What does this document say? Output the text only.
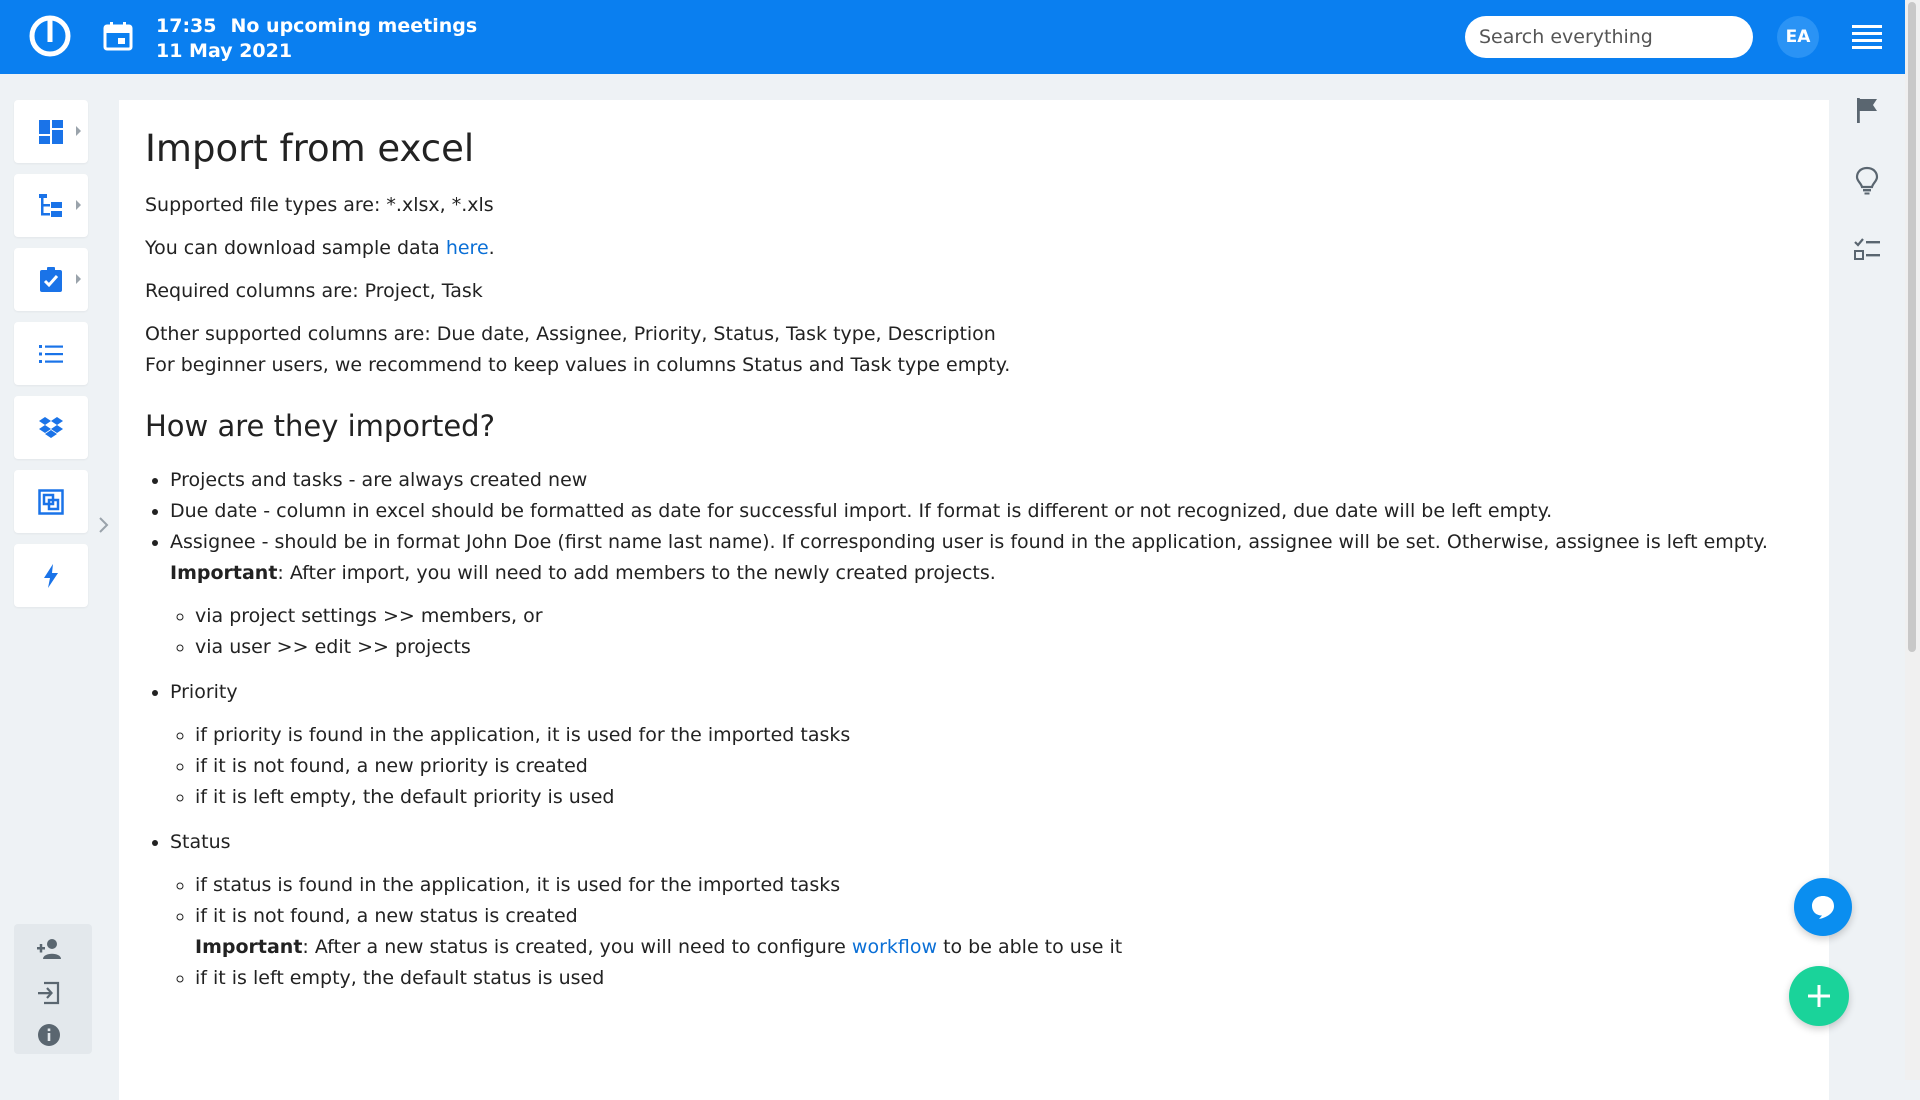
17:35 No upcoming meetings
11 May 2021
Search everything
EA
Import from excel

Supported file types are: *.xlsx, *.xls

You can download sample data here.

Required columns are: Project, Task

Other supported columns are: Due date, Assignee, Priority, Status, Task type, Description
For beginner users, we recommend to keep values in columns Status and Task type empty.

How are they imported?
• Projects and tasks - are always created new
• Due date - column in excel should be formatted as date for successful import. If format is different or not recognized, due date will be left empty.
• Assignee - should be in format John Doe (first name last name). If corresponding user is found in the application, assignee will be set. Otherwise, assignee is left empty.
Important: After import, you will need to add members to the newly created projects.
◦ via project settings >> members, or
◦ via user >> edit >> projects
• Priority
◦ if priority is found in the application, it is used for the imported tasks
◦ if it is not found, a new priority is created
◦ if it is left empty, the default priority is used
• Status
◦ if status is found in the application, it is used for the imported tasks
◦ if it is not found, a new status is created
Important: After a new status is created, you will need to configure workflow to be able to use it
◦ if it is left empty, the default status is used
